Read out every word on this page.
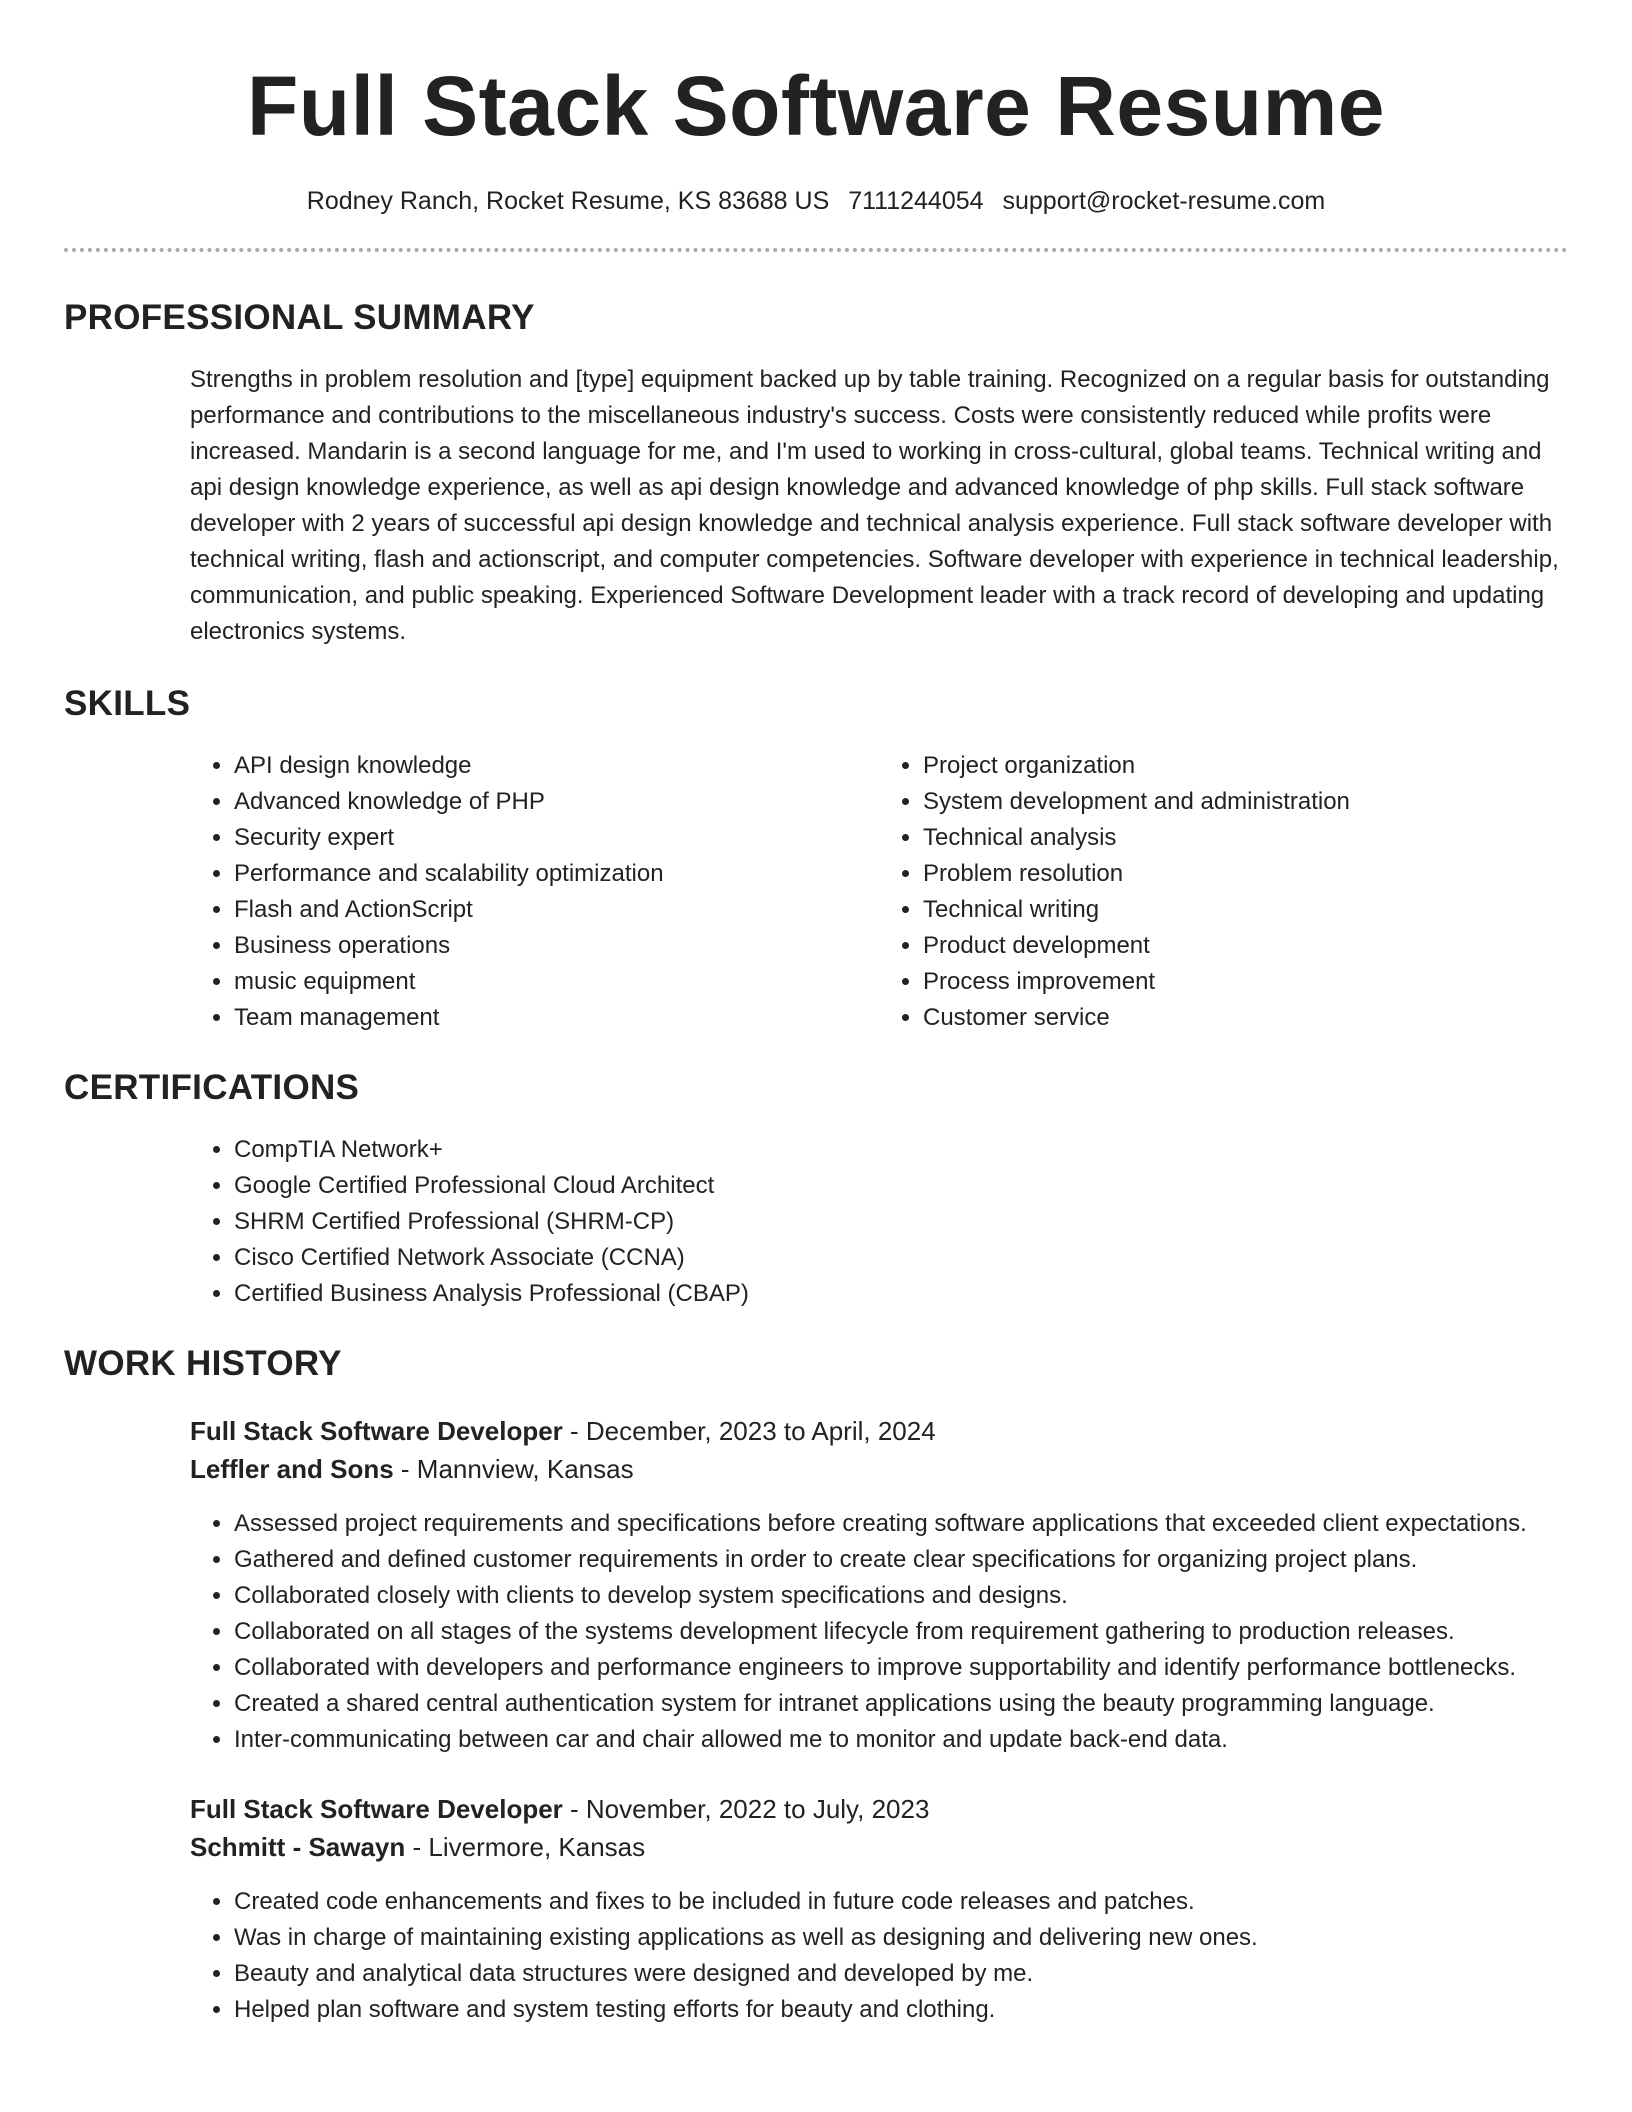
Full Stack Software Resume
Rodney Ranch, Rocket Resume, KS 83688 US 7111244054 support@rocket-resume.com
PROFESSIONAL SUMMARY

Strengths in problem resolution and [type] equipment backed up by table training. Recognized on a regular basis for outstanding performance and contributions to the miscellaneous industry's success. Costs were consistently reduced while profits were increased. Mandarin is a second language for me, and I'm used to working in cross-cultural, global teams. Technical writing and api design knowledge experience, as well as api design knowledge and advanced knowledge of php skills. Full stack software developer with 2 years of successful api design knowledge and technical analysis experience. Full stack software developer with technical writing, flash and actionscript, and computer competencies. Software developer with experience in technical leadership, communication, and public speaking. Experienced Software Development leader with a track record of developing and updating electronics systems.

SKILLS
• API design knowledge
• Advanced knowledge of PHP
• Security expert
• Performance and scalability optimization
• Flash and ActionScript
• Business operations
• music equipment
• Team management
• Project organization
• System development and administration
• Technical analysis
• Problem resolution
• Technical writing
• Product development
• Process improvement
• Customer service
CERTIFICATIONS
• CompTIA Network+
• Google Certified Professional Cloud Architect
• SHRM Certified Professional (SHRM-CP)
• Cisco Certified Network Associate (CCNA)
• Certified Business Analysis Professional (CBAP)
WORK HISTORY
Full Stack Software Developer - December, 2023 to April, 2024
Leffler and Sons - Mannview, Kansas
• Assessed project requirements and specifications before creating software applications that exceeded client expectations.
• Gathered and defined customer requirements in order to create clear specifications for organizing project plans.
• Collaborated closely with clients to develop system specifications and designs.
• Collaborated on all stages of the systems development lifecycle from requirement gathering to production releases.
• Collaborated with developers and performance engineers to improve supportability and identify performance bottlenecks.
• Created a shared central authentication system for intranet applications using the beauty programming language.
• Inter-communicating between car and chair allowed me to monitor and update back-end data.
Full Stack Software Developer - November, 2022 to July, 2023
Schmitt - Sawayn - Livermore, Kansas
• Created code enhancements and fixes to be included in future code releases and patches.
• Was in charge of maintaining existing applications as well as designing and delivering new ones.
• Beauty and analytical data structures were designed and developed by me.
• Helped plan software and system testing efforts for beauty and clothing.
